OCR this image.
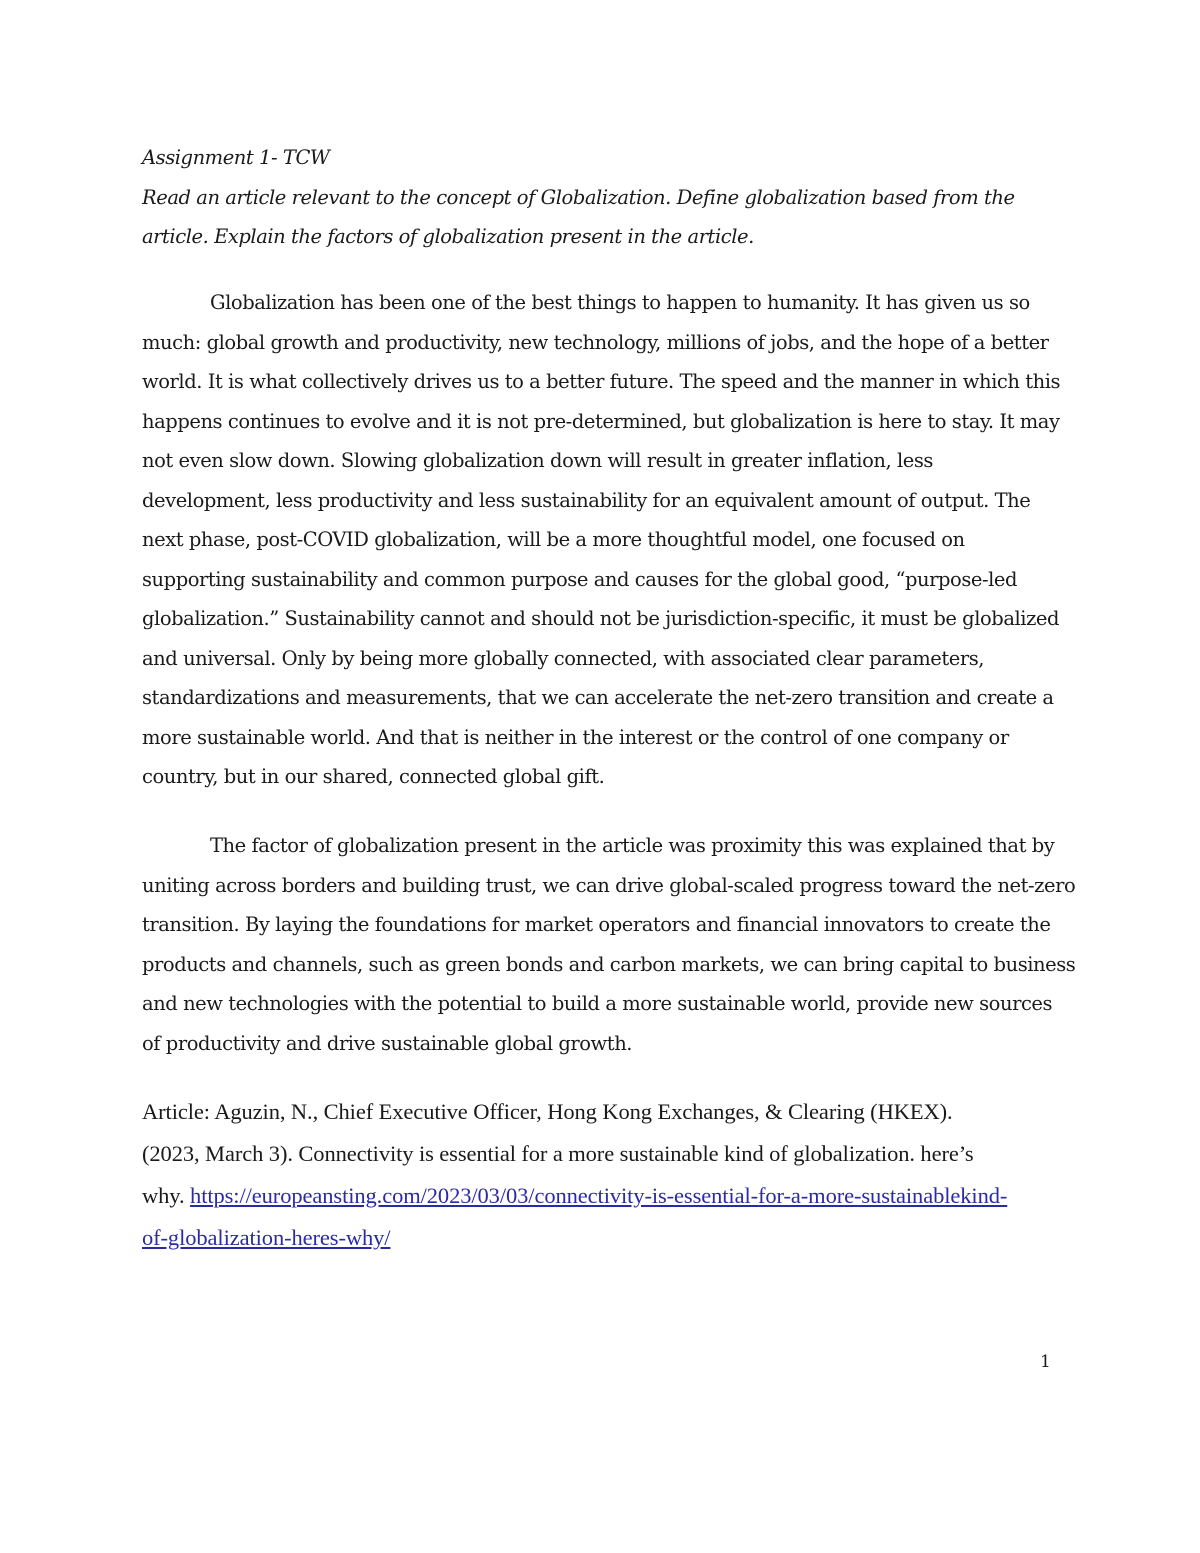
Assignment 1- TCW
Read an article relevant to the concept of Globalization. Define globalization based from the
article. Explain the factors of globalization present in the article.
Globalization has been one of the best things to happen to humanity. It has given us so
much: global growth and productivity, new technology, millions of jobs, and the hope of a better
world. It is what collectively drives us to a better future. The speed and the manner in which this
happens continues to evolve and it is not pre-determined, but globalization is here to stay. It may
not even slow down. Slowing globalization down will result in greater inflation, less
development, less productivity and less sustainability for an equivalent amount of output. The
next phase, post-COVID globalization, will be a more thoughtful model, one focused on
supporting sustainability and common purpose and causes for the global good, “purpose-led
globalization.” Sustainability cannot and should not be jurisdiction-specific, it must be globalized
and universal. Only by being more globally connected, with associated clear parameters,
standardizations and measurements, that we can accelerate the net-zero transition and create a
more sustainable world. And that is neither in the interest or the control of one company or
country, but in our shared, connected global gift.
The factor of globalization present in the article was proximity this was explained that by
uniting across borders and building trust, we can drive global-scaled progress toward the net-zero
transition. By laying the foundations for market operators and financial innovators to create the
products and channels, such as green bonds and carbon markets, we can bring capital to business
and new technologies with the potential to build a more sustainable world, provide new sources
of productivity and drive sustainable global growth.
Article: Aguzin, N., Chief Executive Officer, Hong Kong Exchanges, & Clearing (HKEX).
(2023, March 3). Connectivity is essential for a more sustainable kind of globalization. here’s
why. https://europeansting.com/2023/03/03/connectivity-is-essential-for-a-more-sustainablekind-
of-globalization-heres-why/
1
